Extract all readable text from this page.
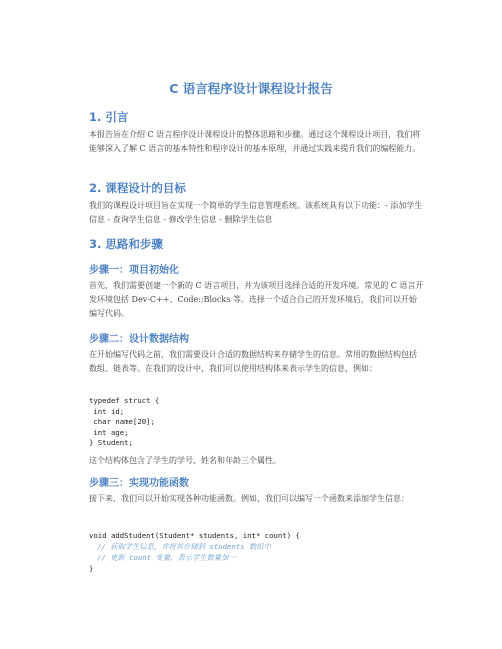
C 语言程序设计课程设计报告
1. 引言
本报告旨在介绍 C 语言程序设计课程设计的整体思路和步骤。通过这个课程设计项目，我们将能够深入了解 C 语言的基本特性和程序设计的基本原理，并通过实践来提升我们的编程能力。
2. 课程设计的目标
我们的课程设计项目旨在实现一个简单的学生信息管理系统。该系统具有以下功能：- 添加学生信息 - 查询学生信息 - 修改学生信息 - 删除学生信息
3. 思路和步骤
步骤一：项目初始化
首先，我们需要创建一个新的 C 语言项目，并为该项目选择合适的开发环境。常见的 C 语言开发环境包括 Dev-C++、Code::Blocks 等。选择一个适合自己的开发环境后，我们可以开始编写代码。
步骤二：设计数据结构
在开始编写代码之前，我们需要设计合适的数据结构来存储学生的信息。常用的数据结构包括数组、链表等。在我们的设计中，我们可以使用结构体来表示学生的信息，例如：
typedef struct {
int id;
char name[20];
int age;
} Student;
这个结构体包含了学生的学号、姓名和年龄三个属性。
步骤三：实现功能函数
接下来，我们可以开始实现各种功能函数。例如，我们可以编写一个函数来添加学生信息：
void addStudent(Student* students, int* count) {
// 获取学生信息，并将其存储到 students 数组中
// 更新 count 变量，表示学生数量加一
}
